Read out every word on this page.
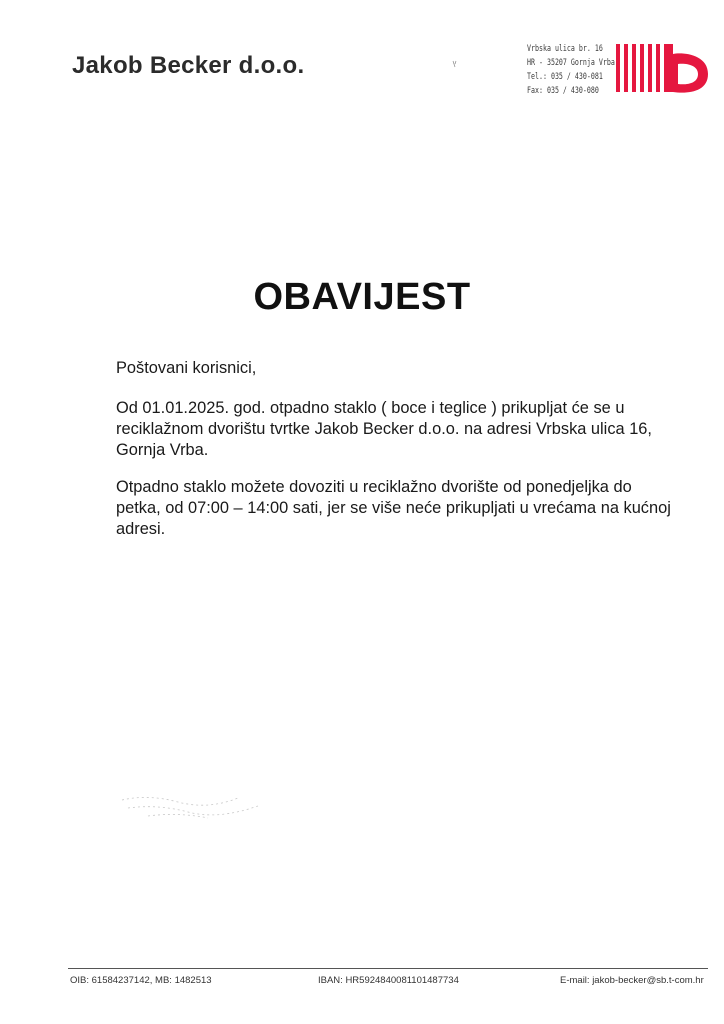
Jakob Becker d.o.o.
Vrbska ulica br. 16
HR - 35207 Gornja Vrba
Tel.: 035 / 430-081
Fax: 035 / 430-080
OBAVIJEST
Poštovani korisnici,
Od 01.01.2025. god. otpadno staklo ( boce i teglice ) prikupljat će se u reciklažnom dvorištu tvrtke Jakob Becker d.o.o. na adresi Vrbska ulica 16, Gornja Vrba.
Otpadno staklo možete dovoziti u reciklažno dvorište od ponedjeljka do petka, od 07:00 – 14:00 sati, jer se više neće prikupljati u vrećama na kućnoj adresi.
OIB: 61584237142, MB: 1482513	IBAN: HR5924840081101487734	E-mail: jakob-becker@sb.t-com.hr
